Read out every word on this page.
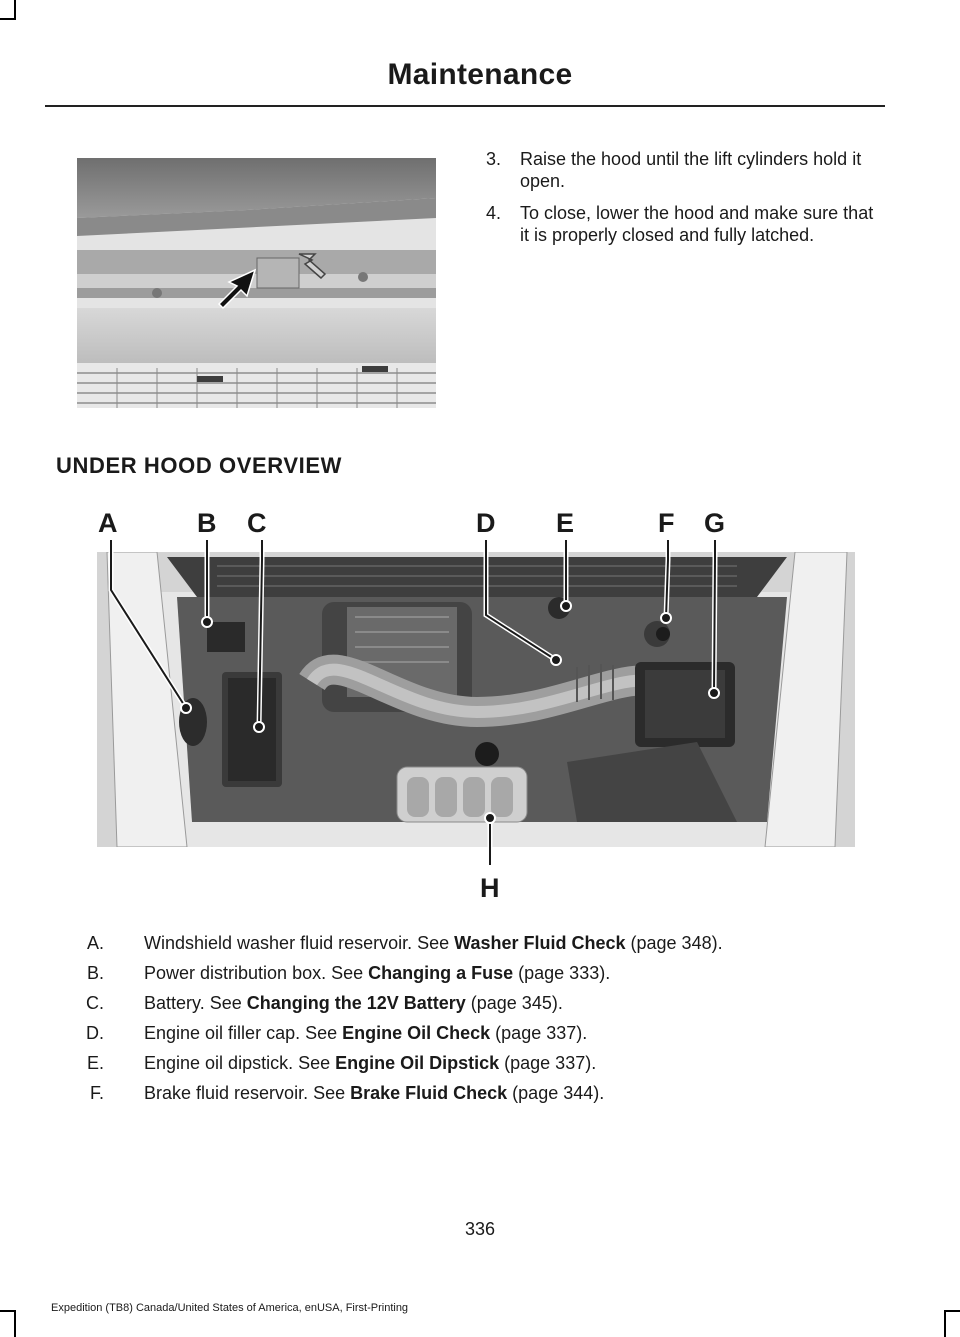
Maintenance
3. Raise the hood until the lift cylinders hold it open.
4. To close, lower the hood and make sure that it is properly closed and fully latched.
UNDER HOOD OVERVIEW
A	B C	D E	F G
H
A. Windshield washer fluid reservoir. See Washer Fluid Check (page 348).
B. Power distribution box. See Changing a Fuse (page 333).
C. Battery. See Changing the 12V Battery (page 345).
D. Engine oil filler cap. See Engine Oil Check (page 337).
E. Engine oil dipstick. See Engine Oil Dipstick (page 337).
F. Brake fluid reservoir. See Brake Fluid Check (page 344).
336
Expedition (TB8) Canada/United States of America, enUSA, First-Printing
